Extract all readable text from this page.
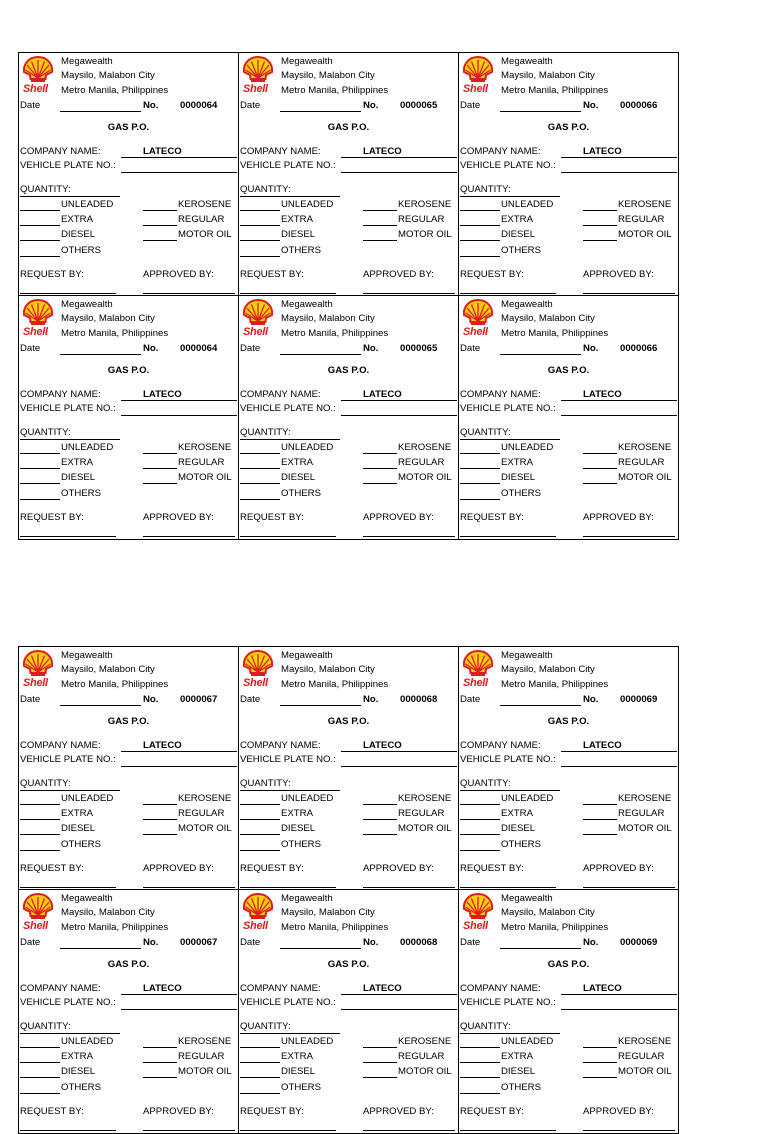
Shell
Megawealth
Maysilo, Malabon City
Metro Manila, Philippines
Date	No. 0000064
GAS P.O.
COMPANY NAME:	LATECO
VEHICLE PLATE NO.:
QUANTITY:
UNLEADED	KEROSENE
EXTRA	REGULAR
DIESEL	MOTOR OIL
OTHERS
REQUEST BY:	APPROVED BY:
Shell
Megawealth
Maysilo, Malabon City
Metro Manila, Philippines
Date	No. 0000065
GAS P.O.
COMPANY NAME:	LATECO
VEHICLE PLATE NO.:
QUANTITY:
UNLEADED	KEROSENE
EXTRA	REGULAR
DIESEL	MOTOR OIL
OTHERS
REQUEST BY:	APPROVED BY:
Shell
Megawealth
Maysilo, Malabon City
Metro Manila, Philippines
Date	No. 0000066
GAS P.O.
COMPANY NAME:	LATECO
VEHICLE PLATE NO.:
QUANTITY:
UNLEADED	KEROSENE
EXTRA	REGULAR
DIESEL	MOTOR OIL
OTHERS
REQUEST BY:	APPROVED BY:
Shell
Megawealth
Maysilo, Malabon City
Metro Manila, Philippines
Date	No. 0000064
GAS P.O.
COMPANY NAME:	LATECO
VEHICLE PLATE NO.:
QUANTITY:
UNLEADED	KEROSENE
EXTRA	REGULAR
DIESEL	MOTOR OIL
OTHERS
REQUEST BY:	APPROVED BY:
Shell
Megawealth
Maysilo, Malabon City
Metro Manila, Philippines
Date	No. 0000065
GAS P.O.
COMPANY NAME:	LATECO
VEHICLE PLATE NO.:
QUANTITY:
UNLEADED	KEROSENE
EXTRA	REGULAR
DIESEL	MOTOR OIL
OTHERS
REQUEST BY:	APPROVED BY:
Shell
Megawealth
Maysilo, Malabon City
Metro Manila, Philippines
Date	No. 0000066
GAS P.O.
COMPANY NAME:	LATECO
VEHICLE PLATE NO.:
QUANTITY:
UNLEADED	KEROSENE
EXTRA	REGULAR
DIESEL	MOTOR OIL
OTHERS
REQUEST BY:	APPROVED BY:
Shell
Megawealth
Maysilo, Malabon City
Metro Manila, Philippines
Date	No. 0000067
GAS P.O.
COMPANY NAME:	LATECO
VEHICLE PLATE NO.:
QUANTITY:
UNLEADED	KEROSENE
EXTRA	REGULAR
DIESEL	MOTOR OIL
OTHERS
REQUEST BY:	APPROVED BY:
Shell
Megawealth
Maysilo, Malabon City
Metro Manila, Philippines
Date	No. 0000068
GAS P.O.
COMPANY NAME:	LATECO
VEHICLE PLATE NO.:
QUANTITY:
UNLEADED	KEROSENE
EXTRA	REGULAR
DIESEL	MOTOR OIL
OTHERS
REQUEST BY:	APPROVED BY:
Shell
Megawealth
Maysilo, Malabon City
Metro Manila, Philippines
Date	No. 0000069
GAS P.O.
COMPANY NAME:	LATECO
VEHICLE PLATE NO.:
QUANTITY:
UNLEADED	KEROSENE
EXTRA	REGULAR
DIESEL	MOTOR OIL
OTHERS
REQUEST BY:	APPROVED BY:
Shell
Megawealth
Maysilo, Malabon City
Metro Manila, Philippines
Date	No. 0000067
GAS P.O.
COMPANY NAME:	LATECO
VEHICLE PLATE NO.:
QUANTITY:
UNLEADED	KEROSENE
EXTRA	REGULAR
DIESEL	MOTOR OIL
OTHERS
REQUEST BY:	APPROVED BY:
Shell
Megawealth
Maysilo, Malabon City
Metro Manila, Philippines
Date	No. 0000068
GAS P.O.
COMPANY NAME:	LATECO
VEHICLE PLATE NO.:
QUANTITY:
UNLEADED	KEROSENE
EXTRA	REGULAR
DIESEL	MOTOR OIL
OTHERS
REQUEST BY:	APPROVED BY:
Shell
Megawealth
Maysilo, Malabon City
Metro Manila, Philippines
Date	No. 0000069
GAS P.O.
COMPANY NAME:	LATECO
VEHICLE PLATE NO.:
QUANTITY:
UNLEADED	KEROSENE
EXTRA	REGULAR
DIESEL	MOTOR OIL
OTHERS
REQUEST BY:	APPROVED BY:
